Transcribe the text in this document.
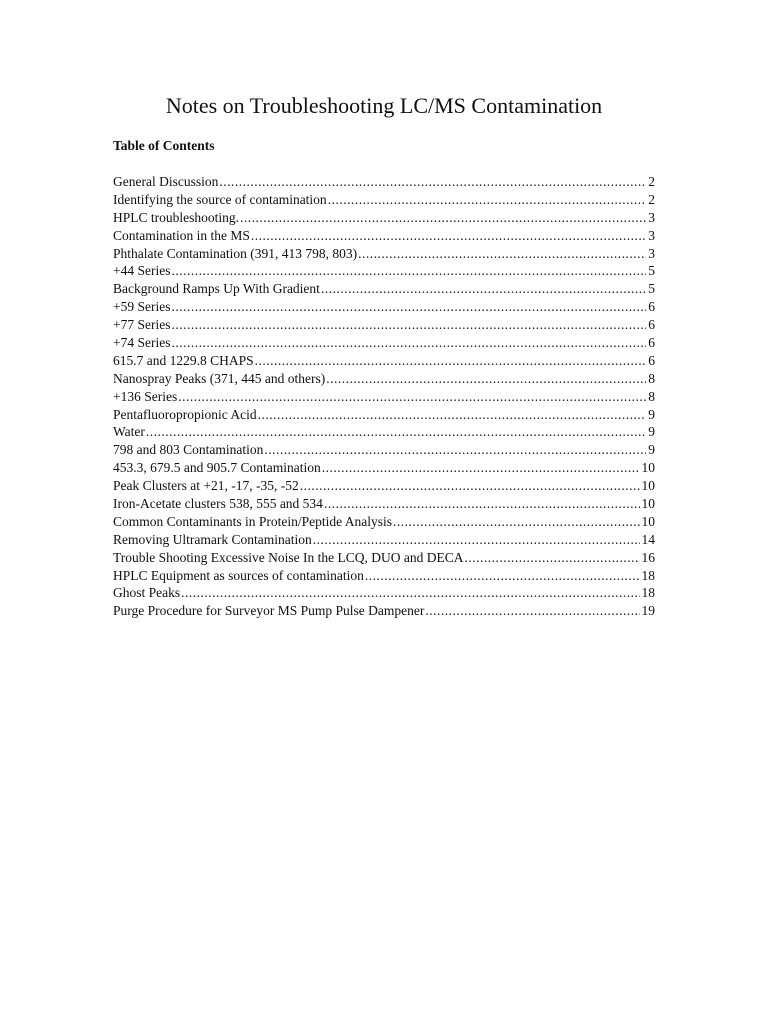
Notes on Troubleshooting LC/MS Contamination
Table of Contents
General Discussion .....	2
Identifying the source of contamination .....	2
HPLC troubleshooting. .....	3
Contamination in the MS .....	3
Phthalate Contamination (391, 413 798, 803) .....	3
+44 Series .....	5
Background Ramps Up With Gradient .....	5
+59 Series .....	6
+77 Series .....	6
+74 Series .....	6
615.7 and 1229.8 CHAPS .....	6
Nanospray Peaks (371, 445 and others) .....	8
+136 Series .....	8
Pentafluoropropionic Acid .....	9
Water .....	9
798 and 803 Contamination .....	9
453.3, 679.5 and 905.7 Contamination .....	10
Peak Clusters at +21, -17, -35, -52 .....	10
Iron-Acetate clusters 538, 555 and 534 .....	10
Common Contaminants in Protein/Peptide Analysis .....	10
Removing Ultramark Contamination .....	14
Trouble Shooting Excessive Noise In the LCQ, DUO and DECA .....	16
HPLC Equipment as sources of contamination .....	18
Ghost Peaks .....	18
Purge Procedure for Surveyor MS Pump Pulse Dampener .....	19
